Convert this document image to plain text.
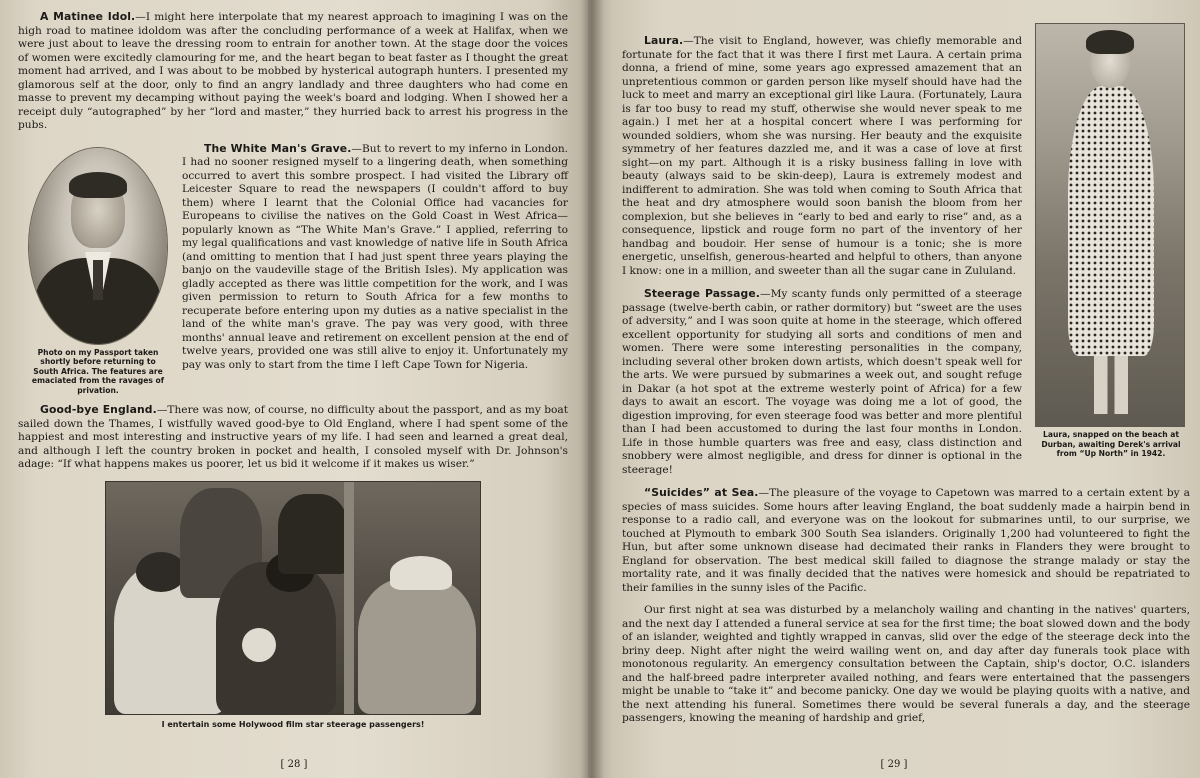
A Matinee Idol.—I might here interpolate that my nearest approach to imagining I was on the high road to matinee idoldom was after the concluding performance of a week at Halifax, when we were just about to leave the dressing room to entrain for another town. At the stage door the voices of women were excitedly clamouring for me, and the heart began to beat faster as I thought the great moment had arrived, and I was about to be mobbed by hysterical autograph hunters. I presented my glamorous self at the door, only to find an angry landlady and three daughters who had come en masse to prevent my decamping without paying the week's board and lodging. When I showed her a receipt duly “autographed” by her “lord and master,” they hurried back to arrest his progress in the pubs.

Photo on my Passport taken shortly before returning to South Africa. The features are emaciated from the ravages of privation.

The White Man's Grave.—But to revert to my inferno in London. I had no sooner resigned myself to a lingering death, when something occurred to avert this sombre prospect. I had visited the Library off Leicester Square to read the newspapers (I couldn't afford to buy them) where I learnt that the Colonial Office had vacancies for Europeans to civilise the natives on the Gold Coast in West Africa—popularly known as “The White Man's Grave.” I applied, referring to my legal qualifications and vast knowledge of native life in South Africa (and omitting to mention that I had just spent three years playing the banjo on the vaudeville stage of the British Isles). My application was gladly accepted as there was little competition for the work, and I was given permission to return to South Africa for a few months to recuperate before entering upon my duties as a native specialist in the land of the white man's grave. The pay was very good, with three months' annual leave and retirement on excellent pension at the end of twelve years, provided one was still alive to enjoy it. Unfortunately my pay was only to start from the time I left Cape Town for Nigeria.

Good-bye England.—There was now, of course, no difficulty about the passport, and as my boat sailed down the Thames, I wistfully waved good-bye to Old England, where I had spent some of the happiest and most interesting and instructive years of my life. I had seen and learned a great deal, and although I left the country broken in pocket and health, I consoled myself with Dr. Johnson's adage: “If what happens makes us poorer, let us bid it welcome if it makes us wiser.”

I entertain some Holywood film star steerage passengers!
[ 28 ]
Laura, snapped on the beach at Durban, awaiting Derek's arrival from “Up North” in 1942.

Laura.—The visit to England, however, was chiefly memorable and fortunate for the fact that it was there I first met Laura. A certain prima donna, a friend of mine, some years ago expressed amazement that an unpretentious common or garden person like myself should have had the luck to meet and marry an exceptional girl like Laura. (Fortunately, Laura is far too busy to read my stuff, otherwise she would never speak to me again.) I met her at a hospital concert where I was performing for wounded soldiers, whom she was nursing. Her beauty and the exquisite symmetry of her features dazzled me, and it was a case of love at first sight—on my part. Although it is a risky business falling in love with beauty (always said to be skin-deep), Laura is extremely modest and indifferent to admiration. She was told when coming to South Africa that the heat and dry atmosphere would soon banish the bloom from her complexion, but she believes in “early to bed and early to rise” and, as a consequence, lipstick and rouge form no part of the inventory of her handbag and boudoir. Her sense of humour is a tonic; she is more energetic, unselfish, generous-hearted and helpful to others, than anyone I know: one in a million, and sweeter than all the sugar cane in Zululand.

Steerage Passage.—My scanty funds only permitted of a steerage passage (twelve-berth cabin, or rather dormitory) but “sweet are the uses of adversity,” and I was soon quite at home in the steerage, which offered excellent opportunity for studying all sorts and conditions of men and women. There were some interesting personalities in the company, including several other broken down artists, which doesn't speak well for the arts. We were pursued by submarines a week out, and sought refuge in Dakar (a hot spot at the extreme westerly point of Africa) for a few days to await an escort. The voyage was doing me a lot of good, the digestion improving, for even steerage food was better and more plentiful than I had been accustomed to during the last four months in London. Life in those humble quarters was free and easy, class distinction and snobbery were almost negligible, and dress for dinner is optional in the steerage!

“Suicides” at Sea.—The pleasure of the voyage to Capetown was marred to a certain extent by a species of mass suicides. Some hours after leaving England, the boat suddenly made a hairpin bend in response to a radio call, and everyone was on the lookout for submarines until, to our surprise, we touched at Plymouth to embark 300 South Sea islanders. Originally 1,200 had volunteered to fight the Hun, but after some unknown disease had decimated their ranks in Flanders they were brought to England for observation. The best medical skill failed to diagnose the strange malady or stay the mortality rate, and it was finally decided that the natives were homesick and should be repatriated to their families in the sunny isles of the Pacific.

Our first night at sea was disturbed by a melancholy wailing and chanting in the natives' quarters, and the next day I attended a funeral service at sea for the first time; the boat slowed down and the body of an islander, weighted and tightly wrapped in canvas, slid over the edge of the steerage deck into the briny deep. Night after night the weird wailing went on, and day after day funerals took place with monotonous regularity. An emergency consultation between the Captain, ship's doctor, O.C. islanders and the half-breed padre interpreter availed nothing, and fears were entertained that the passengers might be unable to “take it” and become panicky. One day we would be playing quoits with a native, and the next attending his funeral. Sometimes there would be several funerals a day, and the steerage passengers, knowing the meaning of hardship and grief,

[ 29 ]
